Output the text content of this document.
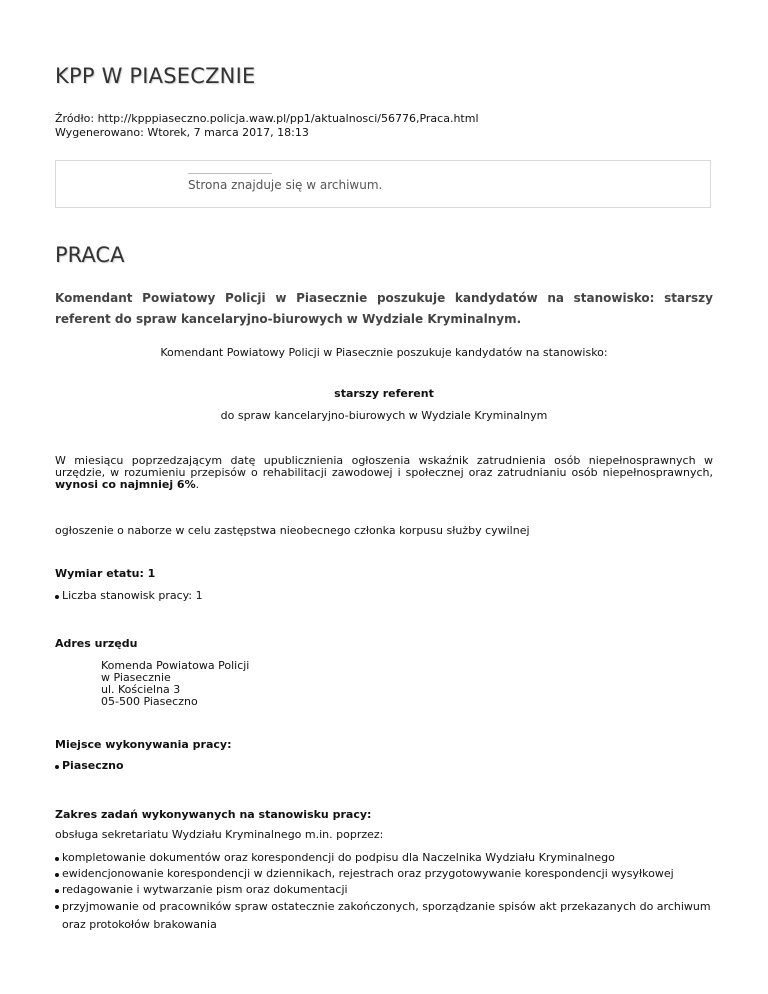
KPP W PIASECZNIE
Źródło: http://kpppiaseczno.policja.waw.pl/pp1/aktualnosci/56776,Praca.html
Wygenerowano: Wtorek, 7 marca 2017, 18:13
Strona znajduje się w archiwum.
PRACA

Komendant Powiatowy Policji w Piasecznie poszukuje kandydatów na stanowisko: starszy referent do spraw kancelaryjno-biurowych w Wydziale Kryminalnym.

Komendant Powiatowy Policji w Piasecznie poszukuje kandydatów na stanowisko:
starszy referent
do spraw kancelaryjno-biurowych w Wydziale Kryminalnym

W miesiącu poprzedzającym datę upublicznienia ogłoszenia wskaźnik zatrudnienia osób niepełnosprawnych w urzędzie, w rozumieniu przepisów o rehabilitacji zawodowej i społecznej oraz zatrudnianiu osób niepełnosprawnych, wynosi co najmniej 6%.

ogłoszenie o naborze w celu zastępstwa nieobecnego członka korpusu służby cywilnej

Wymiar etatu: 1

Liczba stanowisk pracy: 1

Adres urzędu

Komenda Powiatowa Policji
w Piasecznie
ul. Kościelna 3
05-500 Piaseczno

Miejsce wykonywania pracy:

Piaseczno

Zakres zadań wykonywanych na stanowisku pracy:

obsługa sekretariatu Wydziału Kryminalnego m.in. poprzez:

kompletowanie dokumentów oraz korespondencji do podpisu dla Naczelnika Wydziału Kryminalnego
ewidencjonowanie korespondencji w dziennikach, rejestrach oraz przygotowywanie korespondencji wysyłkowej
redagowanie i wytwarzanie pism oraz dokumentacji
przyjmowanie od pracowników spraw ostatecznie zakończonych, sporządzanie spisów akt przekazanych do archiwum oraz protokołów brakowania
